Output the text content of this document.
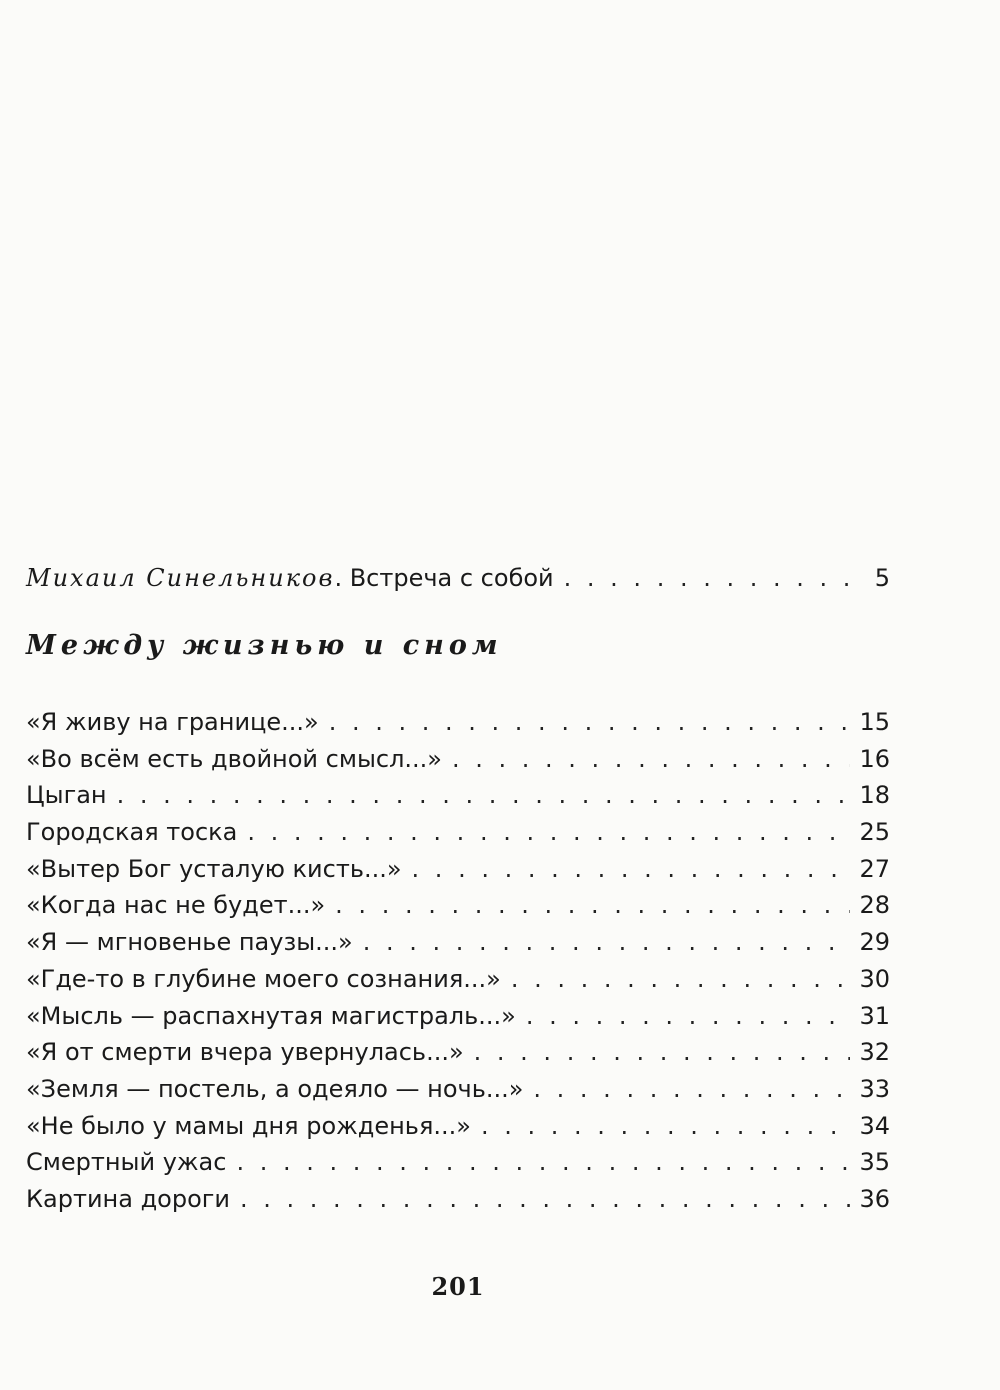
Михаил Синельников. Встреча с собой . . .	5
Между жизнью и сном
«Я живу на границе...» . . .	15
«Во всём есть двойной смысл...» . . .	16
Цыган . . .	18
Городская тоска . . .	25
«Вытер Бог усталую кисть...» . . .	27
«Когда нас не будет...» . . .	28
«Я — мгновенье паузы...» . . .	29
«Где-то в глубине моего сознания...» . . .	30
«Мысль — распахнутая магистраль...» . . .	31
«Я от смерти вчера увернулась...» . . .	32
«Земля — постель, а одеяло — ночь...» . . .	33
«Не было у мамы дня рожденья...» . . .	34
Смертный ужас . . .	35
Картина дороги . . .	36
201
